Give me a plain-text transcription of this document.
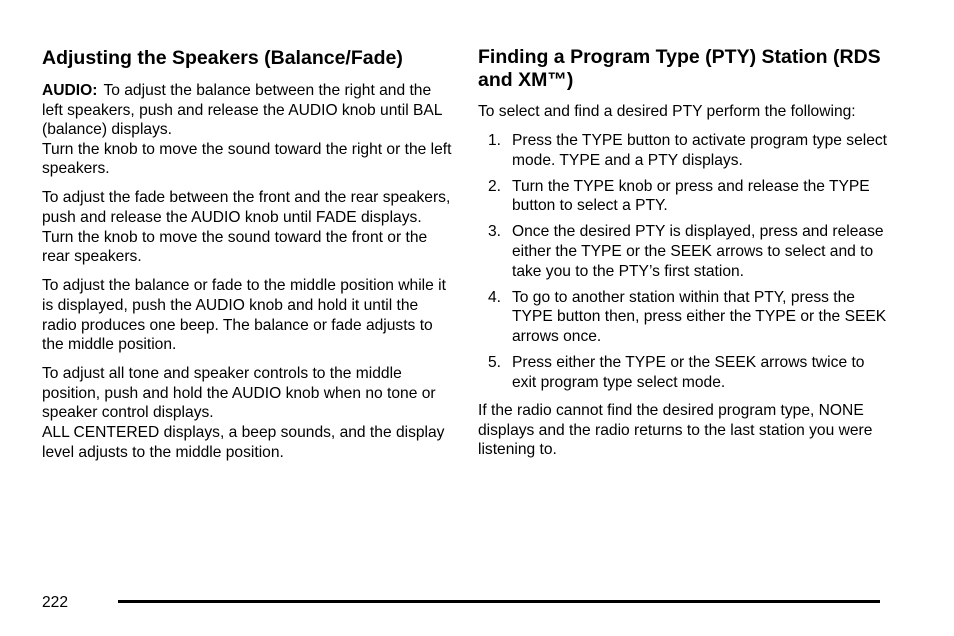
Adjusting the Speakers (Balance/Fade)

AUDIO: To adjust the balance between the right and the left speakers, push and release the AUDIO knob until BAL (balance) displays.
Turn the knob to move the sound toward the right or the left speakers.

To adjust the fade between the front and the rear speakers, push and release the AUDIO knob until FADE displays. Turn the knob to move the sound toward the front or the rear speakers.

To adjust the balance or fade to the middle position while it is displayed, push the AUDIO knob and hold it until the radio produces one beep. The balance or fade adjusts to the middle position.

To adjust all tone and speaker controls to the middle position, push and hold the AUDIO knob when no tone or speaker control displays.
ALL CENTERED displays, a beep sounds, and the display level adjusts to the middle position.

Finding a Program Type (PTY) Station (RDS and XM™)

To select and find a desired PTY perform the following:

1. Press the TYPE button to activate program type select mode. TYPE and a PTY displays.
2. Turn the TYPE knob or press and release the TYPE button to select a PTY.
3. Once the desired PTY is displayed, press and release either the TYPE or the SEEK arrows to select and to take you to the PTY’s first station.
4. To go to another station within that PTY, press the TYPE button then, press either the TYPE or the SEEK arrows once.
5. Press either the TYPE or the SEEK arrows twice to exit program type select mode.

If the radio cannot find the desired program type, NONE displays and the radio returns to the last station you were listening to.

222
